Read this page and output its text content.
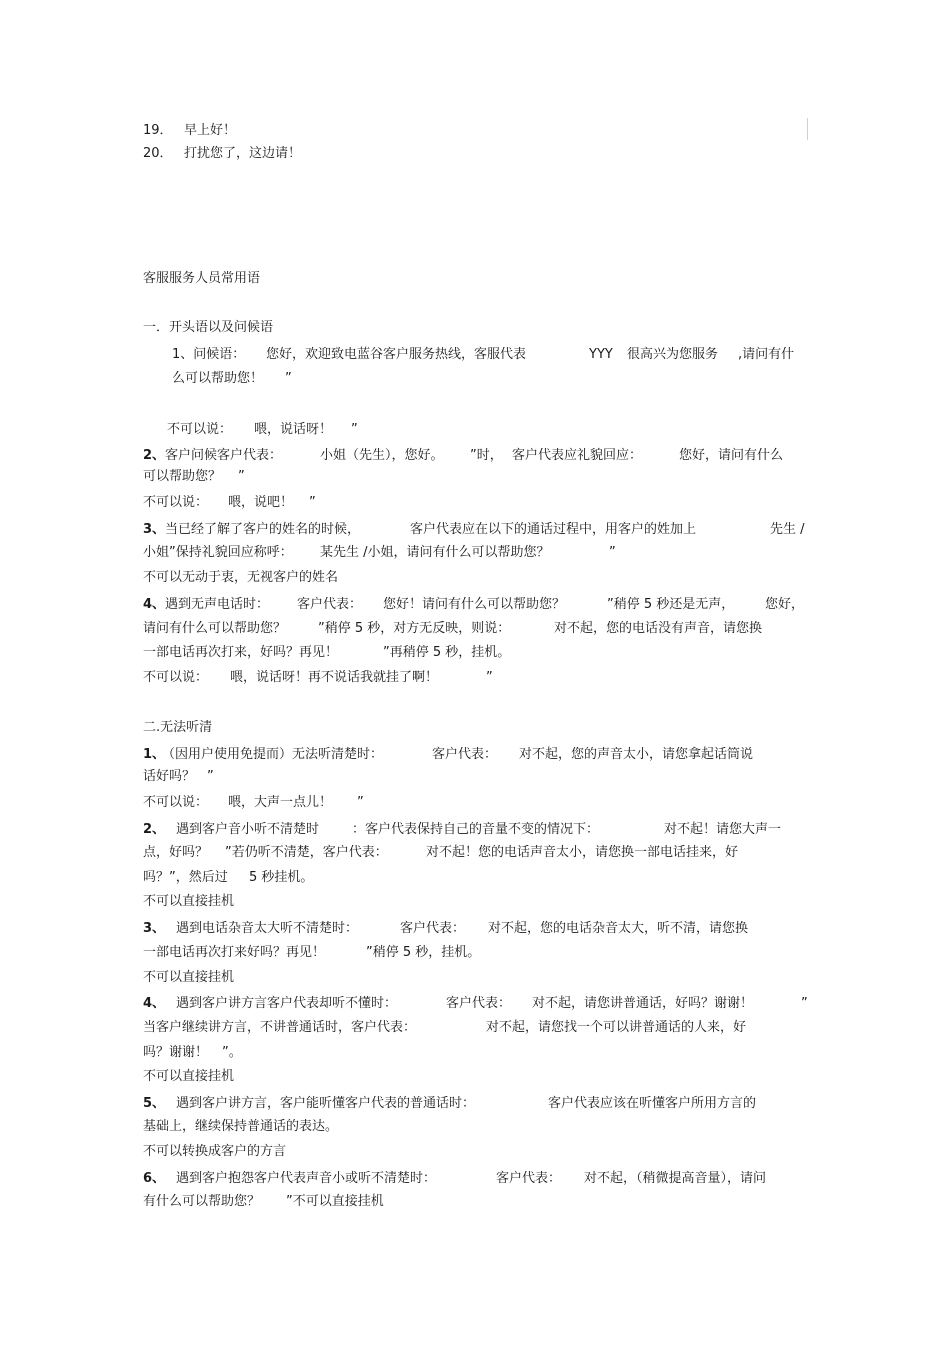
19． 早上好！
20． 打扰您了，这边请！
客服服务人员常用语
一．开头语以及问候语
1、问候语： 您好，欢迎致电蓝谷客户服务热线，客服代表	YYY 很高兴为您服务 ,请问有什
么可以帮助您！ ”
不可以说： 喂，说话呀！ ”
2、 客户问候客户代表：	小姐（先生），您好。 ”时， 客户代表应礼貌回应：	您好，请问有什么
可以帮助您？ ”
不可以说： 喂，说吧！ ”
3、 当已经了解了客户的姓名的时候，	客户代表应在以下的通话过程中，用客户的姓加上	先生 /
小姐”保持礼貌回应称呼： 某先生 /小姐，请问有什么可以帮助您？	”
不可以无动于衷，无视客户的姓名
4、 遇到无声电话时： 客户代表： 您好！请问有什么可以帮助您？	”稍停 5 秒还是无声， 您好，
请问有什么可以帮助您？ ”稍停 5 秒，对方无反映，则说：	对不起，您的电话没有声音，请您换
一部电话再次打来，好吗？再见！	”再稍停 5 秒，挂机。
不可以说： 喂，说话呀！再不说话我就挂了啊！	”
二.无法听清
1、
（因用户使用免提而）无法听清楚时：	客户代表： 对不起，您的声音太小，请您拿起话筒说
话好吗？ ”
不可以说： 喂，大声一点儿！ ”
2、 遇到客户音小听不清楚时	：客户代表保持自己的音量不变的情况下：	对不起！请您大声一
点，好吗？ ”若仍听不清楚，客户代表：	对不起！您的电话声音太小，请您换一部电话挂来，好
吗？”，然后过 5 秒挂机。
不可以直接挂机
3、 遇到电话杂音太大听不清楚时：	客户代表： 对不起，您的电话杂音太大，听不清，请您换
一部电话再次打来好吗？再见！	”稍停 5 秒，挂机。
不可以直接挂机
4、 遇到客户讲方言客户代表却听不懂时：	客户代表： 对不起，请您讲普通话，好吗？谢谢！	”
当客户继续讲方言，不讲普通话时，客户代表：	对不起，请您找一个可以讲普通话的人来，好
吗？谢谢！ ”。
不可以直接挂机
5、 遇到客户讲方言，客户能听懂客户代表的普通话时：	客户代表应该在听懂客户所用方言的
基础上，继续保持普通话的表达。
不可以转换成客户的方言
6、 遇到客户抱怨客户代表声音小或听不清楚时：	客户代表： 对不起，（稍微提高音量），请问
有什么可以帮助您？ ”不可以直接挂机
